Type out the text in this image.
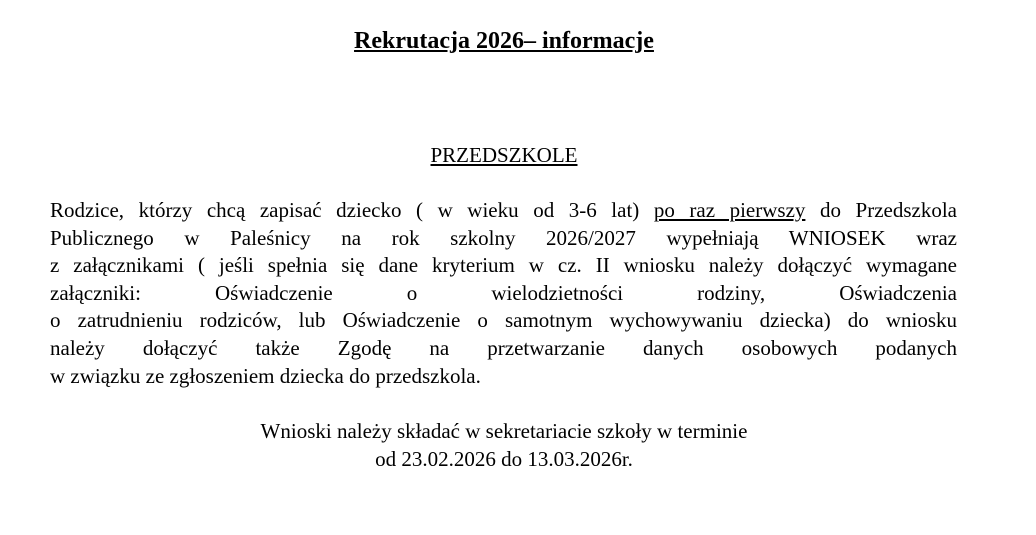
Rekrutacja 2026– informacje
PRZEDSZKOLE
Rodzice, którzy chcą zapisać dziecko ( w wieku od 3-6 lat) po raz pierwszy do Przedszkola
Publicznego w Paleśnicy na rok szkolny 2026/2027 wypełniają WNIOSEK wraz
z załącznikami ( jeśli spełnia się dane kryterium w cz. II wniosku należy dołączyć wymagane
załączniki: Oświadczenie o wielodzietności rodziny, Oświadczenia
o zatrudnieniu rodziców, lub Oświadczenie o samotnym wychowywaniu dziecka) do wniosku
należy dołączyć także Zgodę na przetwarzanie danych osobowych podanych
w związku ze zgłoszeniem dziecka do przedszkola.
Wnioski należy składać w sekretariacie szkoły w terminie
od 23.02.2026 do 13.03.2026r.
